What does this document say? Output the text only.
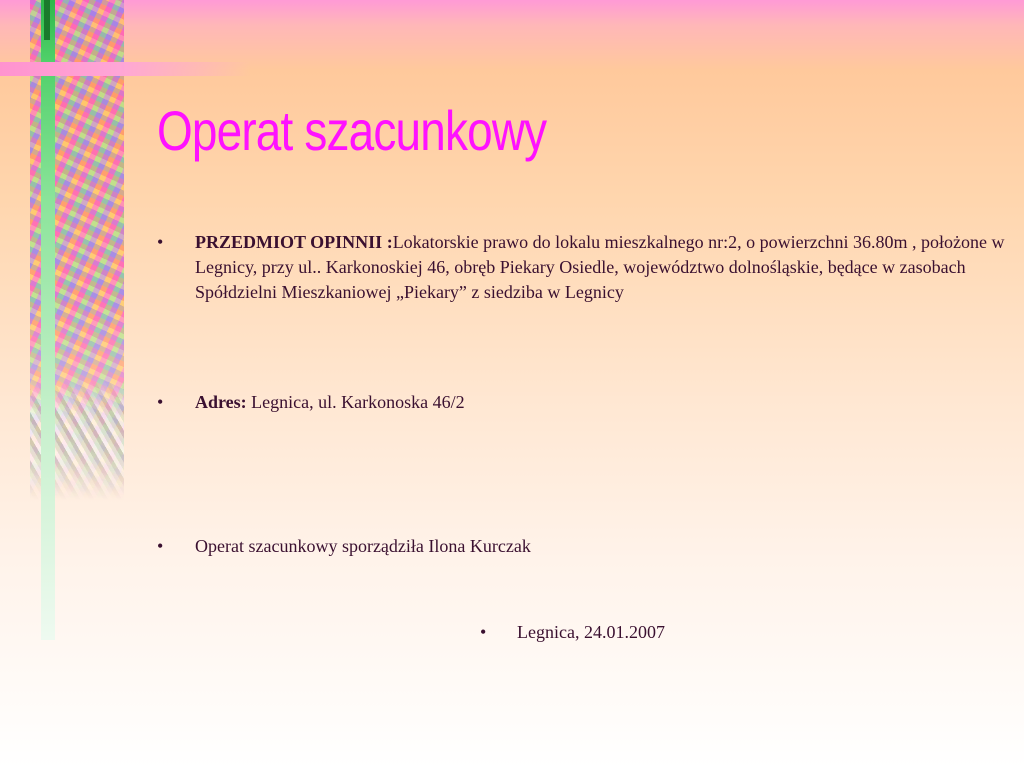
Operat szacunkowy
• PRZEDMIOT OPINNII :Lokatorskie prawo do lokalu mieszkalnego nr:2, o powierzchni 36.80m , położone w Legnicy, przy ul.. Karkonoskiej 46, obręb Piekary Osiedle, województwo dolnośląskie, będące w zasobach Spółdzielni Mieszkaniowej „Piekary” z siedziba w Legnicy
• Adres: Legnica, ul. Karkonoska 46/2
• Operat szacunkowy sporządziła Ilona Kurczak
• Legnica, 24.01.2007
